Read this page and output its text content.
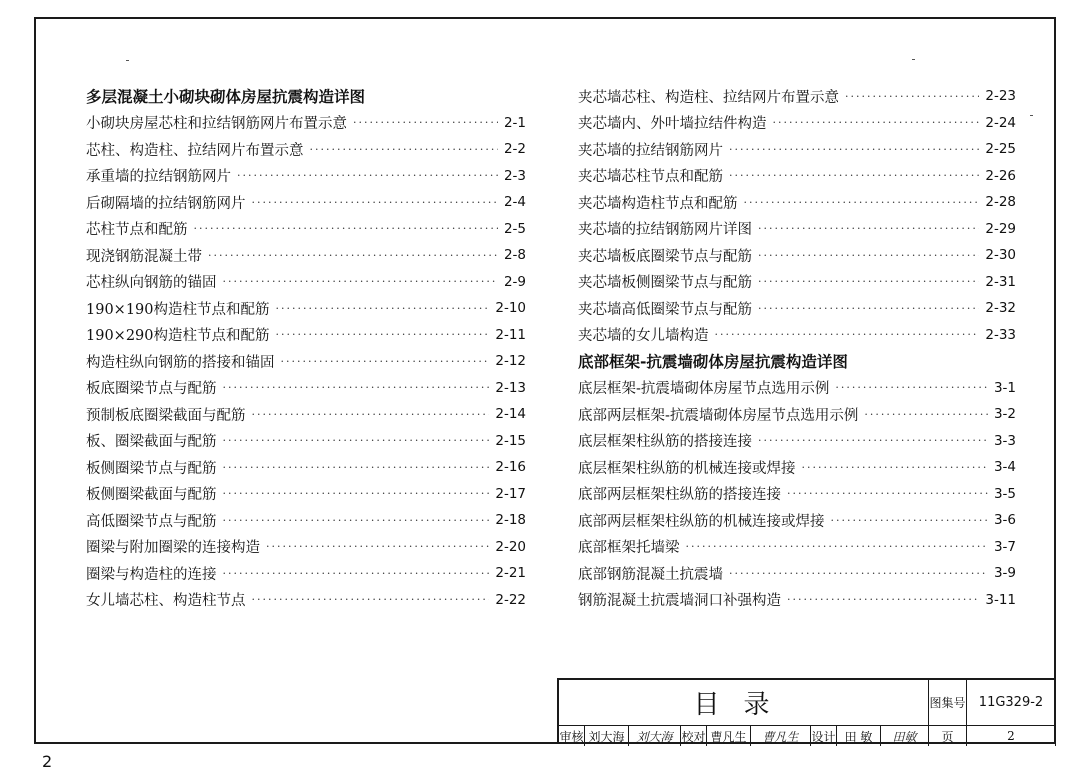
多层混凝土小砌块砌体房屋抗震构造详图
小砌块房屋芯柱和拉结钢筋网片布置示意 ·····	2-1
芯柱、构造柱、拉结网片布置示意 ·····	2-2
承重墙的拉结钢筋网片 ·····	2-3
后砌隔墙的拉结钢筋网片 ·····	2-4
芯柱节点和配筋 ·····	2-5
现浇钢筋混凝土带 ·····	2-8
芯柱纵向钢筋的锚固 ·····	2-9
190×190构造柱节点和配筋 ·····	2-10
190×290构造柱节点和配筋 ·····	2-11
构造柱纵向钢筋的搭接和锚固 ·····	2-12
板底圈梁节点与配筋 ·····	2-13
预制板底圈梁截面与配筋 ·····	2-14
板、圈梁截面与配筋 ·····	2-15
板侧圈梁节点与配筋 ·····	2-16
板侧圈梁截面与配筋 ·····	2-17
高低圈梁节点与配筋 ·····	2-18
圈梁与附加圈梁的连接构造 ·····	2-20
圈梁与构造柱的连接 ·····	2-21
女儿墙芯柱、构造柱节点 ·····	2-22
夹芯墙芯柱、构造柱、拉结网片布置示意 ·····	2-23
夹芯墙内、外叶墙拉结件构造 ·····	2-24
夹芯墙的拉结钢筋网片 ·····	2-25
夹芯墙芯柱节点和配筋 ·····	2-26
夹芯墙构造柱节点和配筋 ·····	2-28
夹芯墙的拉结钢筋网片详图 ·····	2-29
夹芯墙板底圈梁节点与配筋 ·····	2-30
夹芯墙板侧圈梁节点与配筋 ·····	2-31
夹芯墙高低圈梁节点与配筋 ·····	2-32
夹芯墙的女儿墙构造 ·····	2-33
底部框架-抗震墙砌体房屋抗震构造详图
底层框架-抗震墙砌体房屋节点选用示例 ·····	3-1
底部两层框架-抗震墙砌体房屋节点选用示例 ·····	3-2
底层框架柱纵筋的搭接连接 ·····	3-3
底层框架柱纵筋的机械连接或焊接 ·····	3-4
底部两层框架柱纵筋的搭接连接 ·····	3-5
底部两层框架柱纵筋的机械连接或焊接 ·····	3-6
底部框架托墙梁 ·····	3-7
底部钢筋混凝土抗震墙 ·····	3-9
钢筋混凝土抗震墙洞口补强构造 ·····	3-11
目录	图集号	11G329-2
审核 刘大海 刘大海 校对 曹凡生	曹凡生	设计 田 敏	田敏	页	2
2
